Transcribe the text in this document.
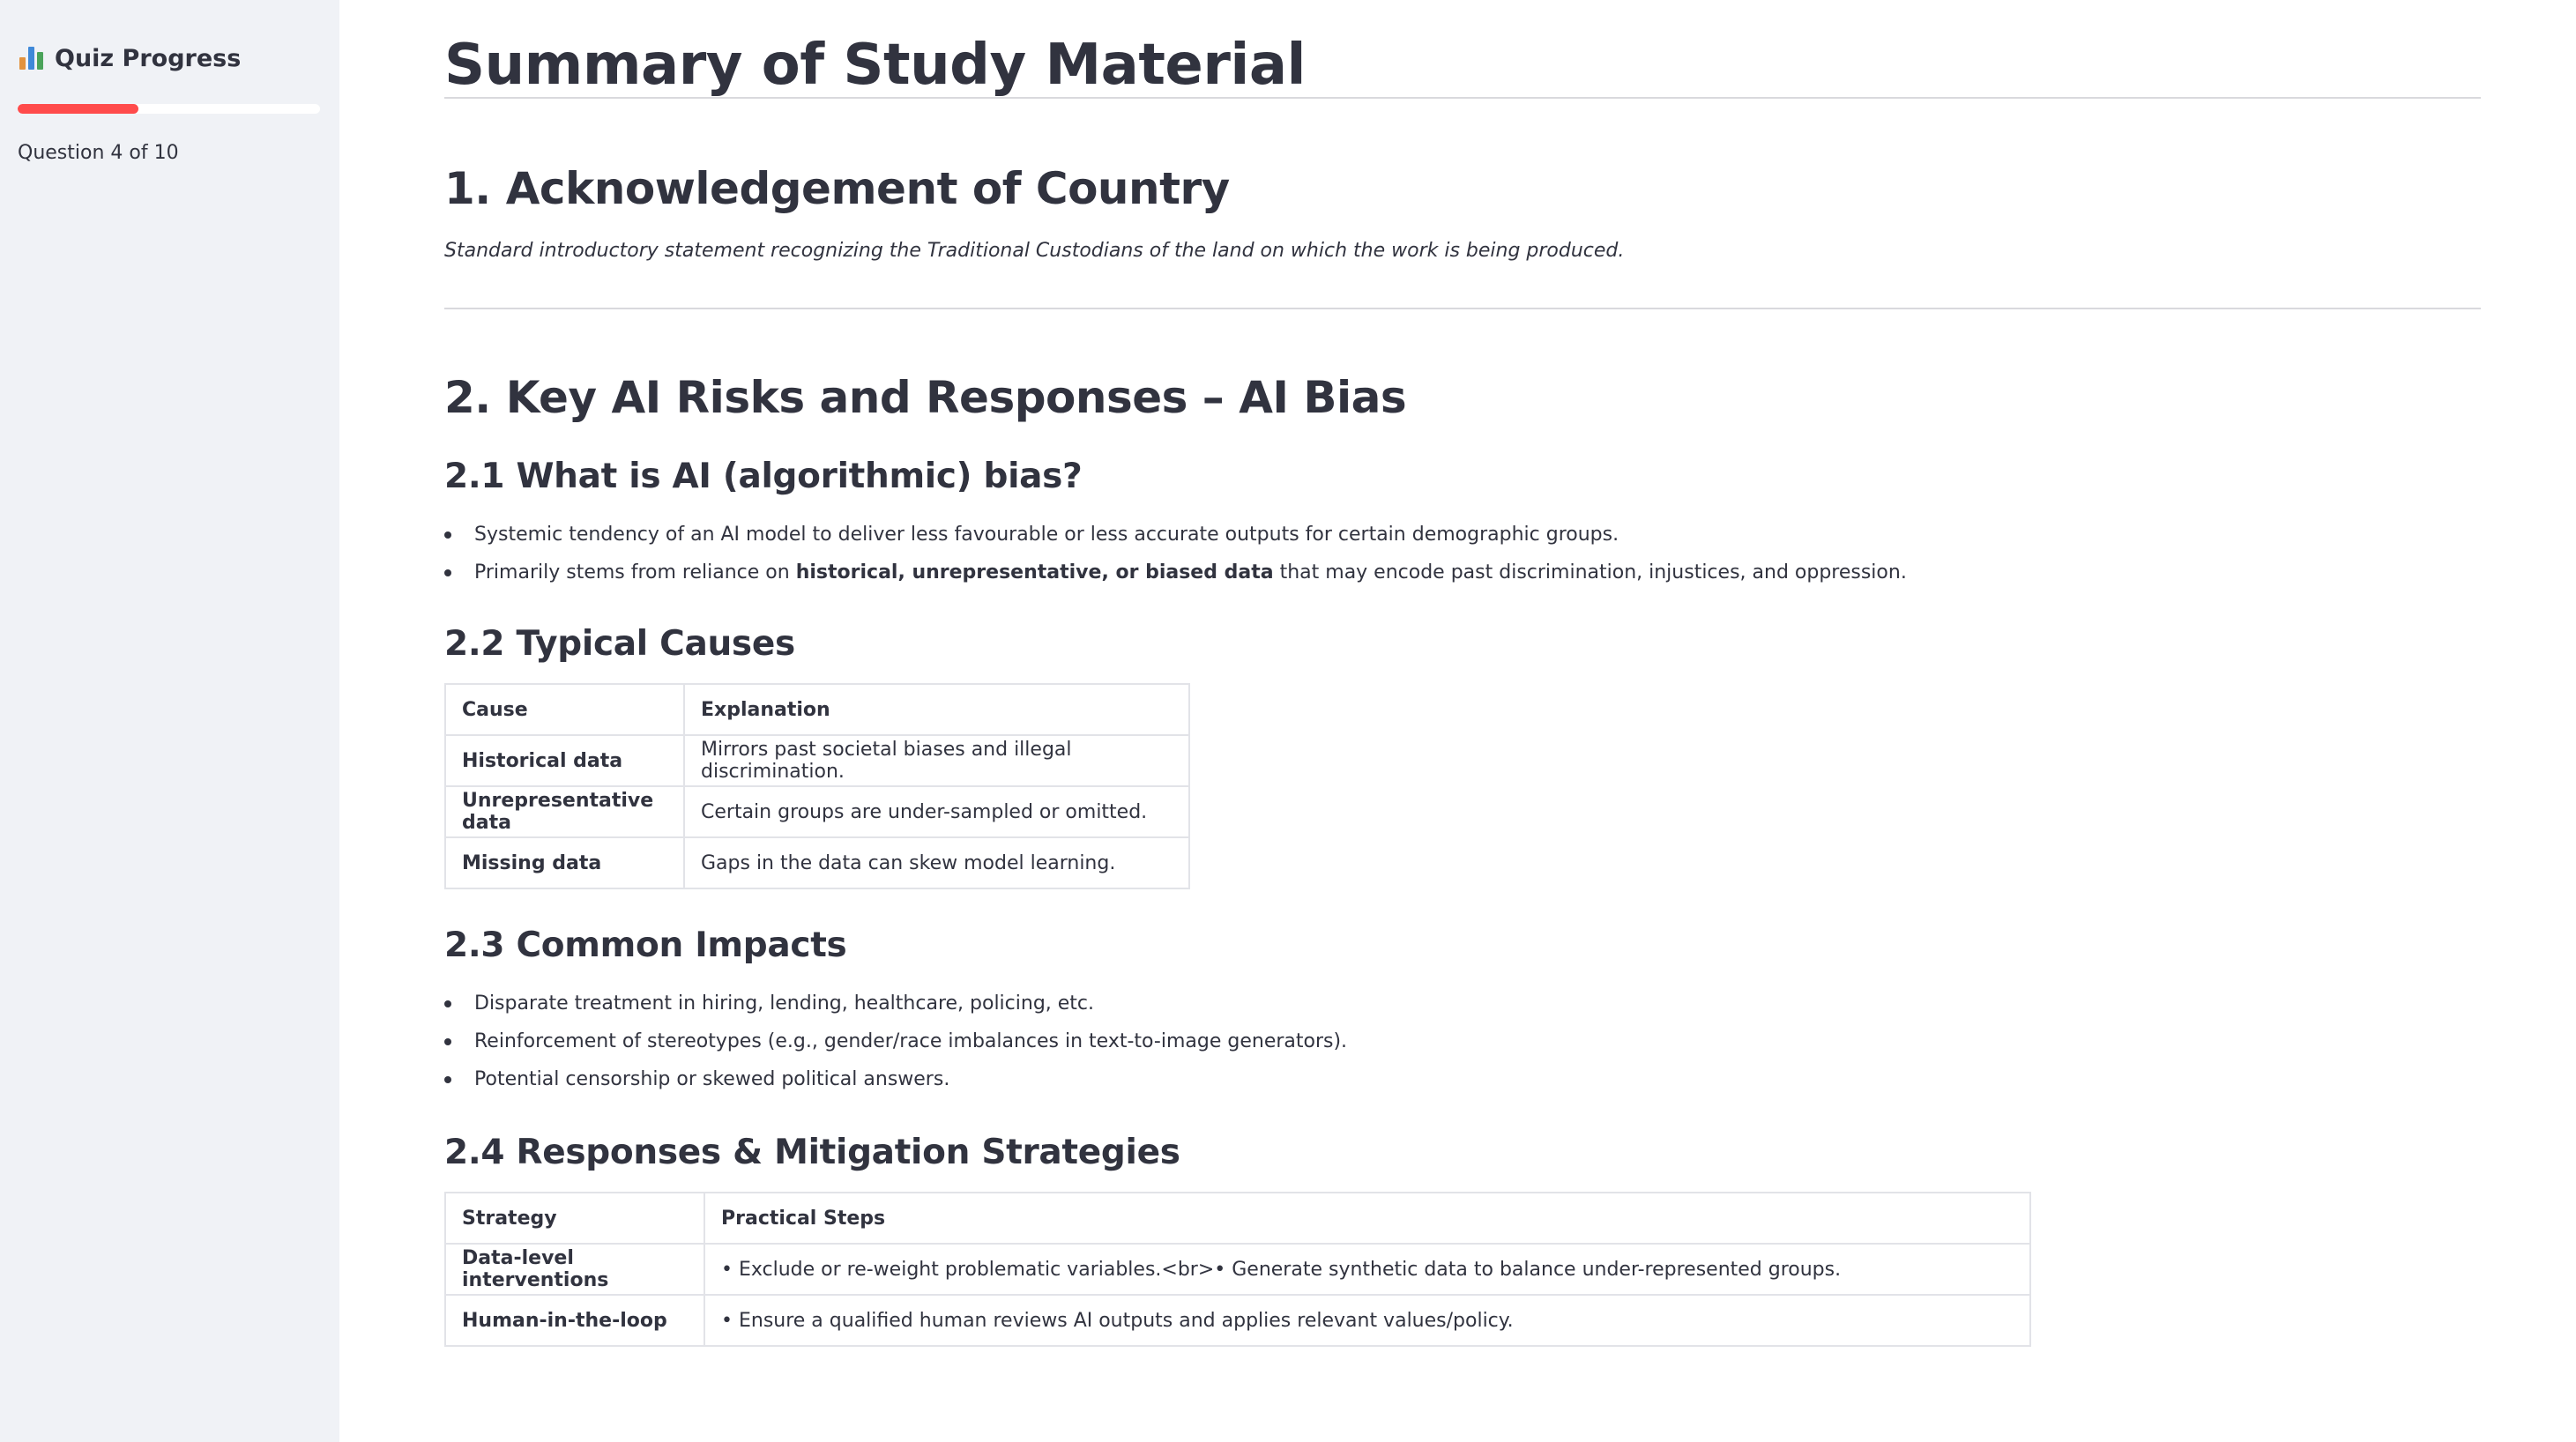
Quiz Progress
Question 4 of 10
Summary of Study Material
1. Acknowledgement of Country

Standard introductory statement recognizing the Traditional Custodians of the land on which the work is being produced.

2. Key AI Risks and Responses – AI Bias
2.1 What is AI (algorithmic) bias?
Systemic tendency of an AI model to deliver less favourable or less accurate outputs for certain demographic groups.
Primarily stems from reliance on historical, unrepresentative, or biased data that may encode past discrimination, injustices, and oppression.
2.2 Typical Causes
Cause	Explanation
Historical data	Mirrors past societal biases and illegal discrimination.
Unrepresentative data	Certain groups are under-sampled or omitted.
Missing data	Gaps in the data can skew model learning.
2.3 Common Impacts
Disparate treatment in hiring, lending, healthcare, policing, etc.
Reinforcement of stereotypes (e.g., gender/race imbalances in text-to-image generators).
Potential censorship or skewed political answers.
2.4 Responses & Mitigation Strategies
Strategy	Practical Steps
Data-level interventions	• Exclude or re-weight problematic variables.<br>• Generate synthetic data to balance under-represented groups.
Human-in-the-loop	• Ensure a qualified human reviews AI outputs and applies relevant values/policy.
